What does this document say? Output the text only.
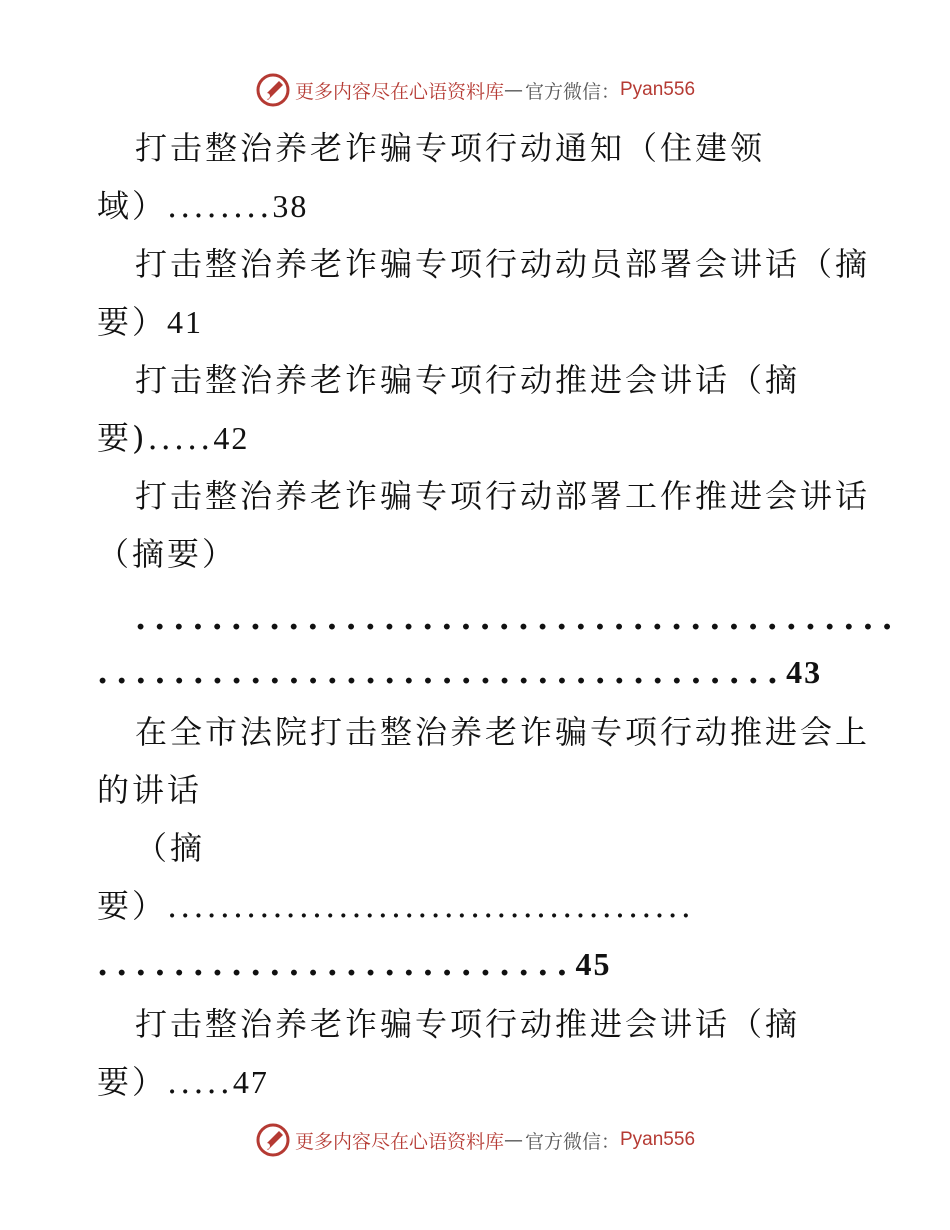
更多内容尽在心语资料库 — 官方微信： Pyan556
打击整治养老诈骗专项行动通知（住建领
域）........38
打击整治养老诈骗专项行动动员部署会讲话（摘
要）41
打击整治养老诈骗专项行动推进会讲话（摘
要).....42
打击整治养老诈骗专项行动部署工作推进会讲话
（摘要）
........................................
....................................43
在全市法院打击整治养老诈骗专项行动推进会上
的讲话
（摘
要）........................................
.........................45
打击整治养老诈骗专项行动推进会讲话（摘
要）.....47
更多内容尽在心语资料库 — 官方微信： Pyan556
